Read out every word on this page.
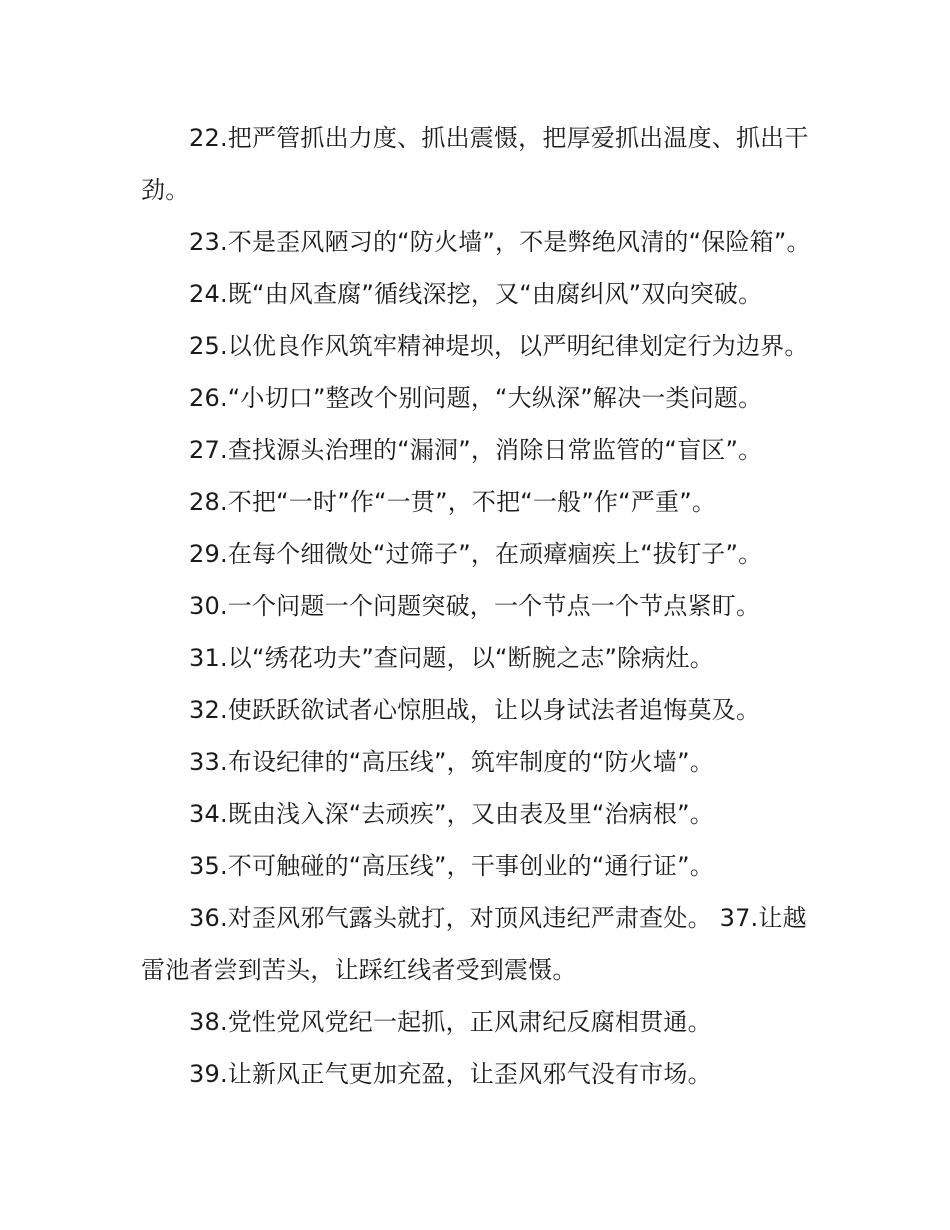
22.把严管抓出力度、抓出震慑，把厚爱抓出温度、抓出干劲。

23.不是歪风陋习的“防火墙”，不是弊绝风清的“保险箱”。

24.既“由风查腐”循线深挖，又“由腐纠风”双向突破。

25.以优良作风筑牢精神堤坝，以严明纪律划定行为边界。

26.“小切口”整改个别问题，“大纵深”解决一类问题。

27.查找源头治理的“漏洞”，消除日常监管的“盲区”。

28.不把“一时”作“一贯”，不把“一般”作“严重”。

29.在每个细微处“过筛子”，在顽瘴痼疾上“拔钉子”。

30.一个问题一个问题突破，一个节点一个节点紧盯。

31.以“绣花功夫”查问题，以“断腕之志”除病灶。

32.使跃跃欲试者心惊胆战，让以身试法者追悔莫及。

33.布设纪律的“高压线”，筑牢制度的“防火墙”。

34.既由浅入深“去顽疾”，又由表及里“治病根”。

35.不可触碰的“高压线”，干事创业的“通行证”。

36.对歪风邪气露头就打，对顶风违纪严肃查处。 37.让越雷池者尝到苦头，让踩红线者受到震慑。

38.党性党风党纪一起抓，正风肃纪反腐相贯通。

39.让新风正气更加充盈，让歪风邪气没有市场。
